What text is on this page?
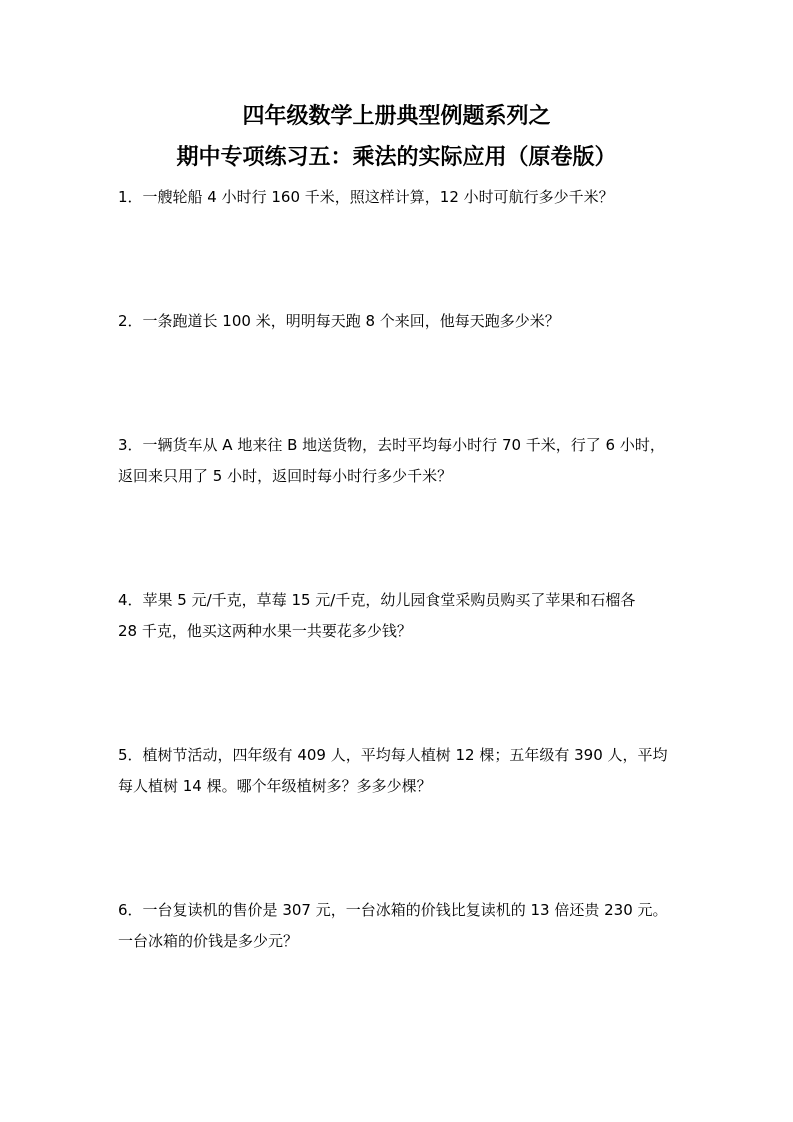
四年级数学上册典型例题系列之
期中专项练习五：乘法的实际应用（原卷版）
1．一艘轮船 4 小时行 160 千米，照这样计算，12 小时可航行多少千米？
2．一条跑道长 100 米，明明每天跑 8 个来回，他每天跑多少米？
3．一辆货车从 A 地来往 B 地送货物，去时平均每小时行 70 千米，行了 6 小时，
返回来只用了 5 小时，返回时每小时行多少千米？
4．苹果 5 元/千克，草莓 15 元/千克，幼儿园食堂采购员购买了苹果和石榴各
28 千克，他买这两种水果一共要花多少钱？
5．植树节活动，四年级有 409 人，平均每人植树 12 棵；五年级有 390 人，平均
每人植树 14 棵。哪个年级植树多？多多少棵？
6．一台复读机的售价是 307 元，一台冰箱的价钱比复读机的 13 倍还贵 230 元。
一台冰箱的价钱是多少元？
